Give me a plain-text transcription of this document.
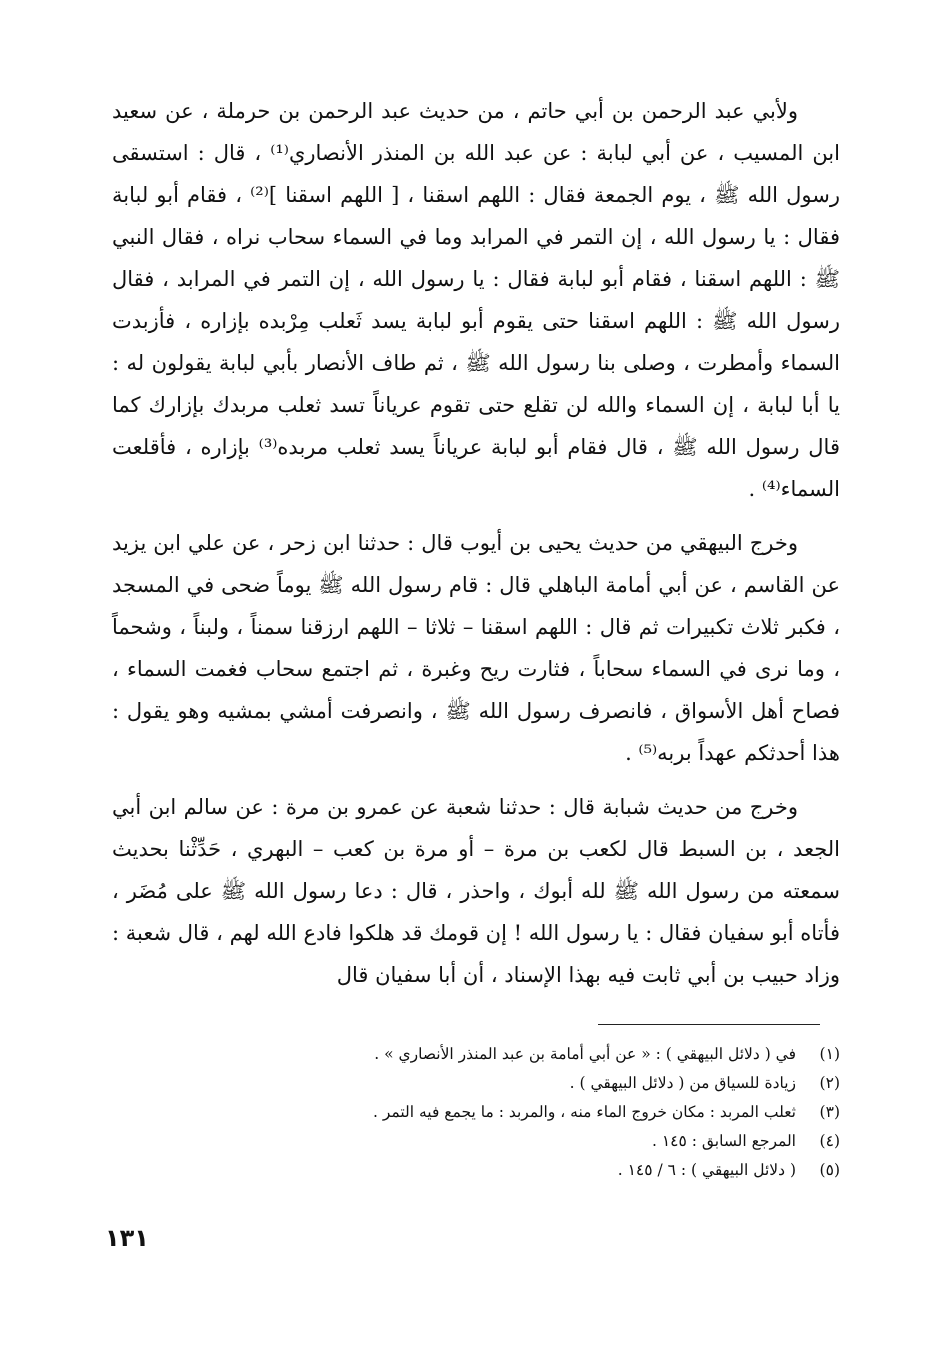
ولأبي عبد الرحمن بن أبي حاتم ، من حديث عبد الرحمن بن حرملة ، عن سعيد ابن المسيب ، عن أبي لبابة : عن عبد الله بن المنذر الأنصاري⁽¹⁾ ، قال : استسقى رسول الله ﷺ ، يوم الجمعة فقال : اللهم اسقنا ، [ اللهم اسقنا ]⁽²⁾ ، فقام أبو لبابة فقال : يا رسول الله ، إن التمر في المرابد وما في السماء سحاب نراه ، فقال النبي ﷺ : اللهم اسقنا ، فقام أبو لبابة فقال : يا رسول الله ، إن التمر في المرابد ، فقال رسول الله ﷺ : اللهم اسقنا حتى يقوم أبو لبابة يسد ثَعلب مِرْبده بإزاره ، فأزبدت السماء وأمطرت ، وصلى بنا رسول الله ﷺ ، ثم طاف الأنصار بأبي لبابة يقولون له : يا أبا لبابة ، إن السماء والله لن تقلع حتى تقوم عرياناً تسد ثعلب مربدك بإزارك كما قال رسول الله ﷺ ، قال فقام أبو لبابة عرياناً يسد ثعلب مربده⁽³⁾ بإزاره ، فأقلعت السماء⁽⁴⁾ .

وخرج البيهقي من حديث يحيى بن أيوب قال : حدثنا ابن زحر ، عن علي ابن يزيد عن القاسم ، عن أبي أمامة الباهلي قال : قام رسول الله ﷺ يوماً ضحى في المسجد ، فكبر ثلاث تكبيرات ثم قال : اللهم اسقنا – ثلاثا – اللهم ارزقنا سمناً ، ولبناً ، وشحماً ، وما نرى في السماء سحاباً ، فثارت ريح وغبرة ، ثم اجتمع سحاب فغمت السماء ، فصاح أهل الأسواق ، فانصرف رسول الله ﷺ ، وانصرفت أمشي بمشيه وهو يقول : هذا أحدثكم عهداً بربه⁽⁵⁾ .

وخرج من حديث شبابة قال : حدثنا شعبة عن عمرو بن مرة : عن سالم ابن أبي الجعد ، بن السبط قال لكعب بن مرة – أو مرة بن كعب – البهري ، حَدِّثْنا بحديث سمعته من رسول الله ﷺ لله أبوك ، واحذر ، قال : دعا رسول الله ﷺ على مُضَر ، فأتاه أبو سفيان فقال : يا رسول الله ! إن قومك قد هلكوا فادع الله لهم ، قال شعبة : وزاد حبيب بن أبي ثابت فيه بهذا الإسناد ، أن أبا سفيان قال

(١)
في ( دلائل البيهقي ) : « عن أبي أمامة بن عبد المنذر الأنصاري » .
(٢)
زيادة للسياق من ( دلائل البيهقي ) .
(٣)
ثعلب المربد : مكان خروج الماء منه ، والمربد : ما يجمع فيه التمر .
(٤)
المرجع السابق : ١٤٥ .
(٥)
( دلائل البيهقي ) : ٦ / ١٤٥ .
١٣١
